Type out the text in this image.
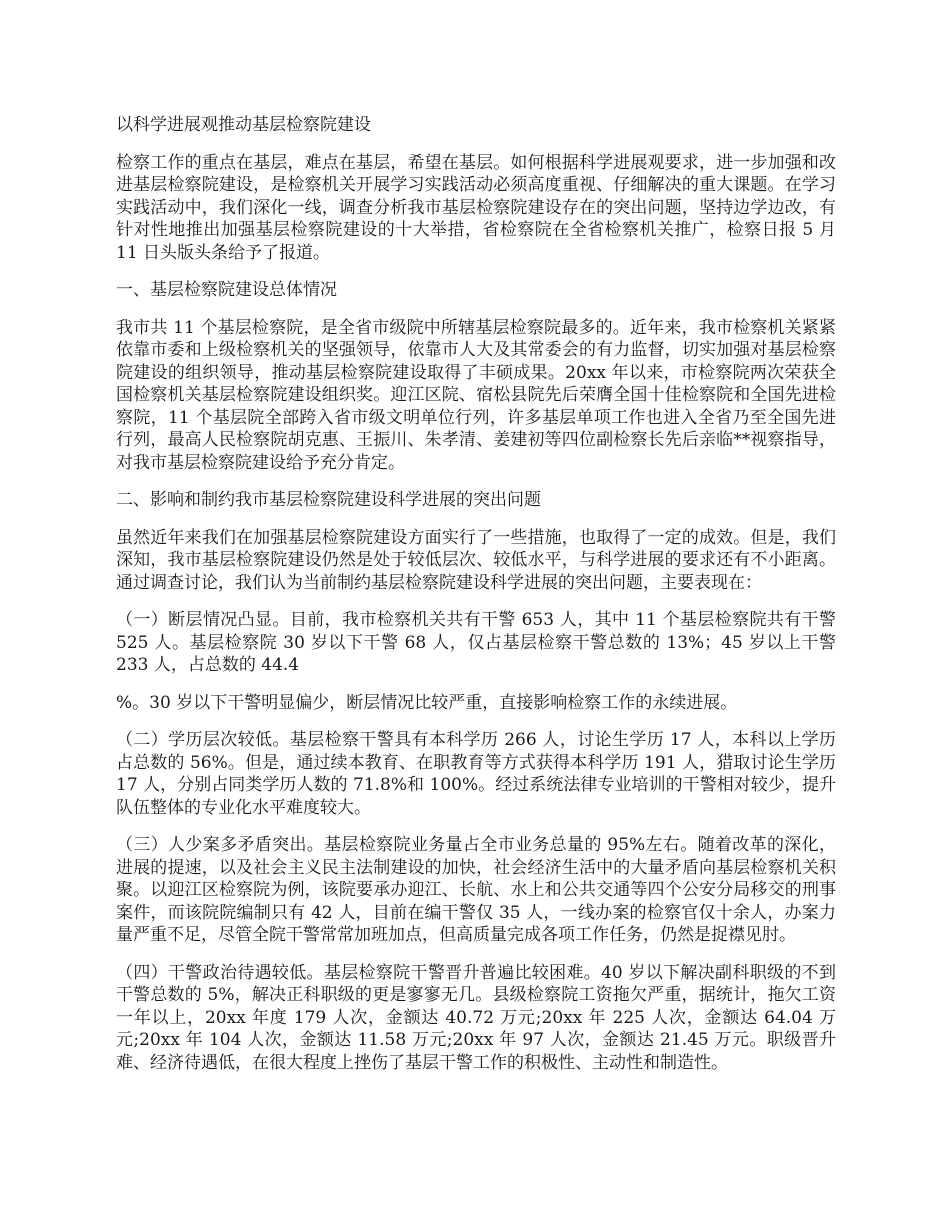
以科学进展观推动基层检察院建设

检察工作的重点在基层，难点在基层，希望在基层。如何根据科学进展观要求，进一步加强和改进基层检察院建设，是检察机关开展学习实践活动必须高度重视、仔细解决的重大课题。在学习实践活动中，我们深化一线，调查分析我市基层检察院建设存在的突出问题，坚持边学边改，有针对性地推出加强基层检察院建设的十大举措，省检察院在全省检察机关推广，检察日报 5 月 11 日头版头条给予了报道。

一、基层检察院建设总体情况

我市共 11 个基层检察院，是全省市级院中所辖基层检察院最多的。近年来，我市检察机关紧紧依靠市委和上级检察机关的坚强领导，依靠市人大及其常委会的有力监督，切实加强对基层检察院建设的组织领导，推动基层检察院建设取得了丰硕成果。20xx 年以来，市检察院两次荣获全国检察机关基层检察院建设组织奖。迎江区院、宿松县院先后荣膺全国十佳检察院和全国先进检察院，11 个基层院全部跨入省市级文明单位行列，许多基层单项工作也进入全省乃至全国先进行列，最高人民检察院胡克惠、王振川、朱孝清、姜建初等四位副检察长先后亲临**视察指导，对我市基层检察院建设给予充分肯定。

二、影响和制约我市基层检察院建设科学进展的突出问题

虽然近年来我们在加强基层检察院建设方面实行了一些措施，也取得了一定的成效。但是，我们深知，我市基层检察院建设仍然是处于较低层次、较低水平，与科学进展的要求还有不小距离。通过调查讨论，我们认为当前制约基层检察院建设科学进展的突出问题，主要表现在：

（一）断层情况凸显。目前，我市检察机关共有干警 653 人，其中 11 个基层检察院共有干警 525 人。基层检察院 30 岁以下干警 68 人，仅占基层检察干警总数的 13%；45 岁以上干警 233 人，占总数的 44.4

%。30 岁以下干警明显偏少，断层情况比较严重，直接影响检察工作的永续进展。

（二）学历层次较低。基层检察干警具有本科学历 266 人，讨论生学历 17 人，本科以上学历占总数的 56%。但是，通过续本教育、在职教育等方式获得本科学历 191 人，猎取讨论生学历 17 人，分别占同类学历人数的 71.8%和 100%。经过系统法律专业培训的干警相对较少，提升队伍整体的专业化水平难度较大。

（三）人少案多矛盾突出。基层检察院业务量占全市业务总量的 95%左右。随着改革的深化，进展的提速，以及社会主义民主法制建设的加快，社会经济生活中的大量矛盾向基层检察机关积聚。以迎江区检察院为例，该院要承办迎江、长航、水上和公共交通等四个公安分局移交的刑事案件，而该院院编制只有 42 人，目前在编干警仅 35 人，一线办案的检察官仅十余人，办案力量严重不足，尽管全院干警常常加班加点，但高质量完成各项工作任务，仍然是捉襟见肘。

（四）干警政治待遇较低。基层检察院干警晋升普遍比较困难。40 岁以下解决副科职级的不到干警总数的 5%，解决正科职级的更是寥寥无几。县级检察院工资拖欠严重，据统计，拖欠工资一年以上，20xx 年度 179 人次，金额达 40.72 万元;20xx 年 225 人次，金额达 64.04 万元;20xx 年 104 人次，金额达 11.58 万元;20xx 年 97 人次，金额达 21.45 万元。职级晋升难、经济待遇低，在很大程度上挫伤了基层干警工作的积极性、主动性和制造性。
